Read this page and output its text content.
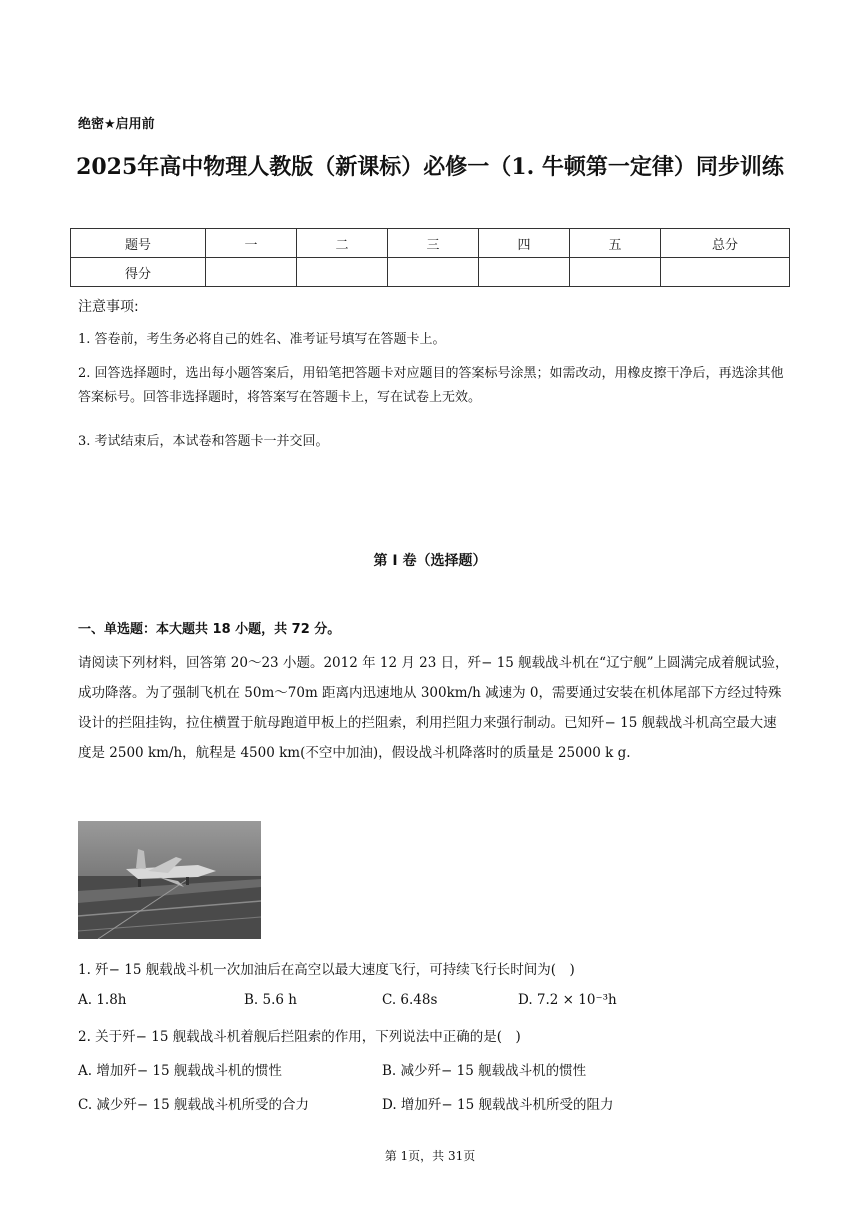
绝密★启用前
2025年高中物理人教版（新课标）必修一（1. 牛顿第一定律）同步训练
题号	一	二	三	四	五	总分
得分						
注意事项:
1. 答卷前，考生务必将自己的姓名、准考证号填写在答题卡上。
2. 回答选择题时，选出每小题答案后，用铅笔把答题卡对应题目的答案标号涂黑；如需改动，用橡皮擦干净后，再选涂其他答案标号。回答非选择题时，将答案写在答题卡上，写在试卷上无效。
3. 考试结束后，本试卷和答题卡一并交回。
第 I 卷（选择题）
一、单选题：本大题共 18 小题，共 72 分。
请阅读下列材料，回答第 20～23 小题。2012 年 12 月 23 日，歼− 15 舰载战斗机在“辽宁舰”上圆满完成着舰试验，成功降落。为了强制飞机在 50m～70m 距离内迅速地从 300km/h 减速为 0，需要通过安装在机体尾部下方经过特殊设计的拦阻挂钩，拉住横置于航母跑道甲板上的拦阻索，利用拦阻力来强行制动。已知歼− 15 舰载战斗机高空最大速度是 2500 km/h，航程是 4500 km(不空中加油)，假设战斗机降落时的质量是 25000 k g.
1. 歼− 15 舰载战斗机一次加油后在高空以最大速度飞行，可持续飞行长时间为(　)
A. 1.8h	B. 5.6 h	C. 6.48s	D. 7.2 × 10⁻³h
2. 关于歼− 15 舰载战斗机着舰后拦阻索的作用，下列说法中正确的是(　)
A. 增加歼− 15 舰载战斗机的惯性	B. 减少歼− 15 舰载战斗机的惯性
C. 减少歼− 15 舰载战斗机所受的合力	D. 增加歼− 15 舰载战斗机所受的阻力
第 1页，共 31页
